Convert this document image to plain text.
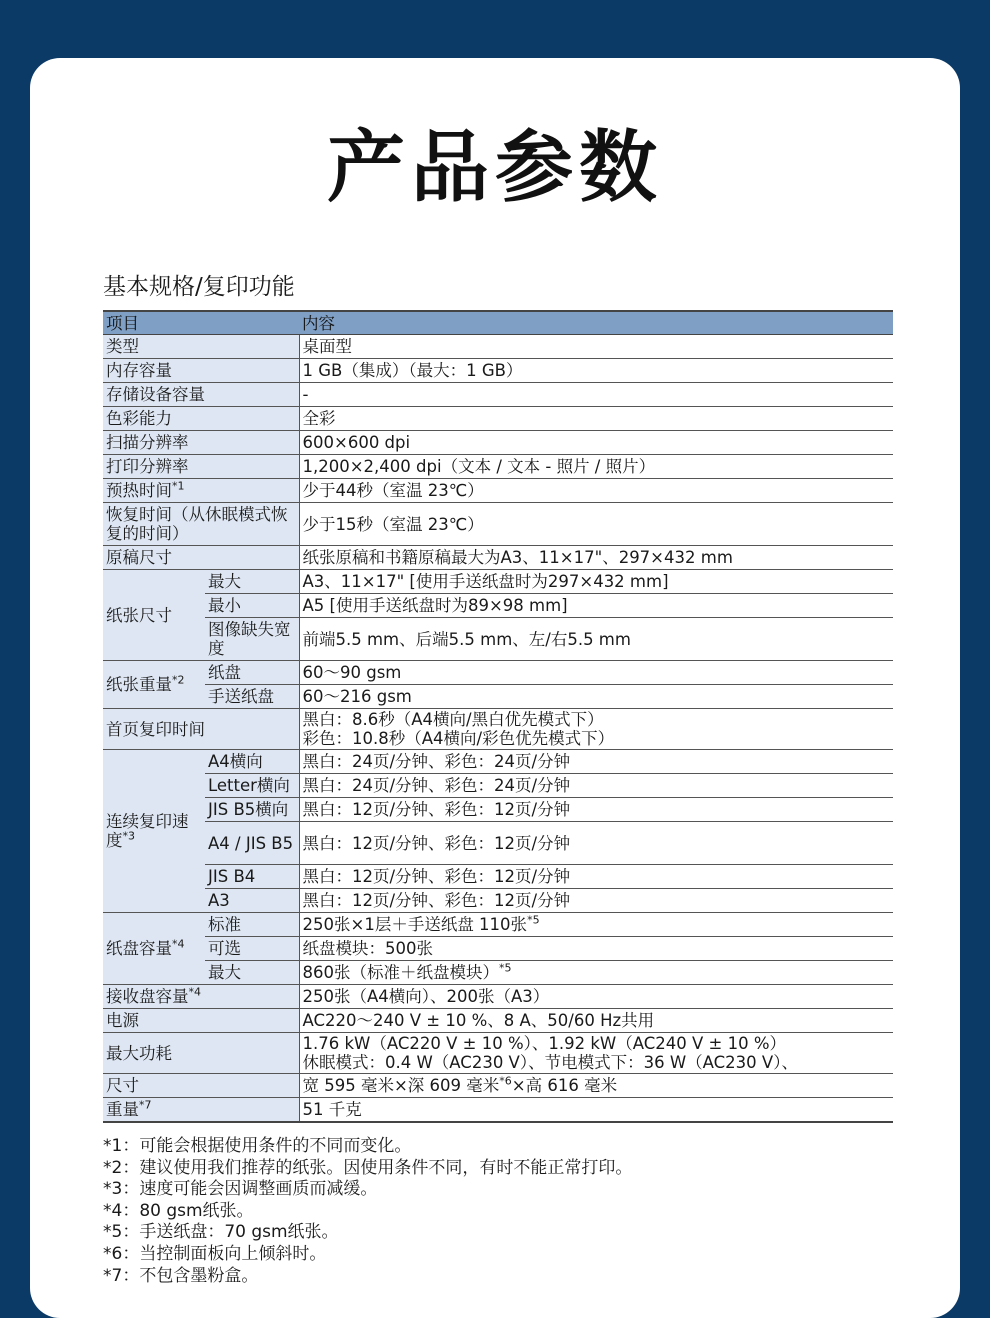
产品参数
基本规格/复印功能
项目		内容
类型		桌面型
内存容量		1 GB（集成）（最大：1 GB）
存储设备容量		-
色彩能力		全彩
扫描分辨率		600×600 dpi
打印分辨率		1,200×2,400 dpi（文本 / 文本 - 照片 / 照片）
预热时间$^{*1}$		少于44秒（室温 23℃）
恢复时间（从休眠模式恢复的时间）		少于15秒（室温 23℃）
原稿尺寸		纸张原稿和书籍原稿最大为A3、11×17"、297×432 mm
纸张尺寸	最大	A3、11×17" [使用手送纸盘时为297×432 mm]
	最小	A5 [使用手送纸盘时为89×98 mm]
	图像缺失宽度	前端5.5 mm、后端5.5 mm、左/右5.5 mm
纸张重量$^{*2}$	纸盘	60～90 gsm
	手送纸盘	60～216 gsm
首页复印时间		黑白：8.6秒（A4横向/黑白优先模式下）
彩色：10.8秒（A4横向/彩色优先模式下）

连续复印速度$^{*3}$	A4横向	黑白：24页/分钟、彩色：24页/分钟
	Letter横向	黑白：24页/分钟、彩色：24页/分钟
	JIS B5横向	黑白：12页/分钟、彩色：12页/分钟
	A4 / JIS B5	黑白：12页/分钟、彩色：12页/分钟
	JIS B4	黑白：12页/分钟、彩色：12页/分钟
	A3	黑白：12页/分钟、彩色：12页/分钟
纸盘容量$^{*4}$	标准	250张×1层＋手送纸盘 110张$^{*5}$
	可选	纸盘模块：500张
	最大	860张（标准＋纸盘模块）$^{*5}$
接收盘容量$^{*4}$		250张（A4横向）、200张（A3）
电源		AC220～240 V ± 10 %、8 A、50/60 Hz共用
最大功耗		1.76 kW（AC220 V ± 10 %）、1.92 kW（AC240 V ± 10 %）
休眠模式：0.4 W（AC230 V）、节电模式下：36 W（AC230 V）、

尺寸		宽 595 毫米×深 609 毫米$^{*6}$×高 616 毫米
重量$^{*7}$		51 千克
*1：可能会根据使用条件的不同而变化。
*2：建议使用我们推荐的纸张。因使用条件不同，有时不能正常打印。
*3：速度可能会因调整画质而减缓。
*4：80 gsm纸张。
*5：手送纸盘：70 gsm纸张。
*6：当控制面板向上倾斜时。
*7：不包含墨粉盒。
